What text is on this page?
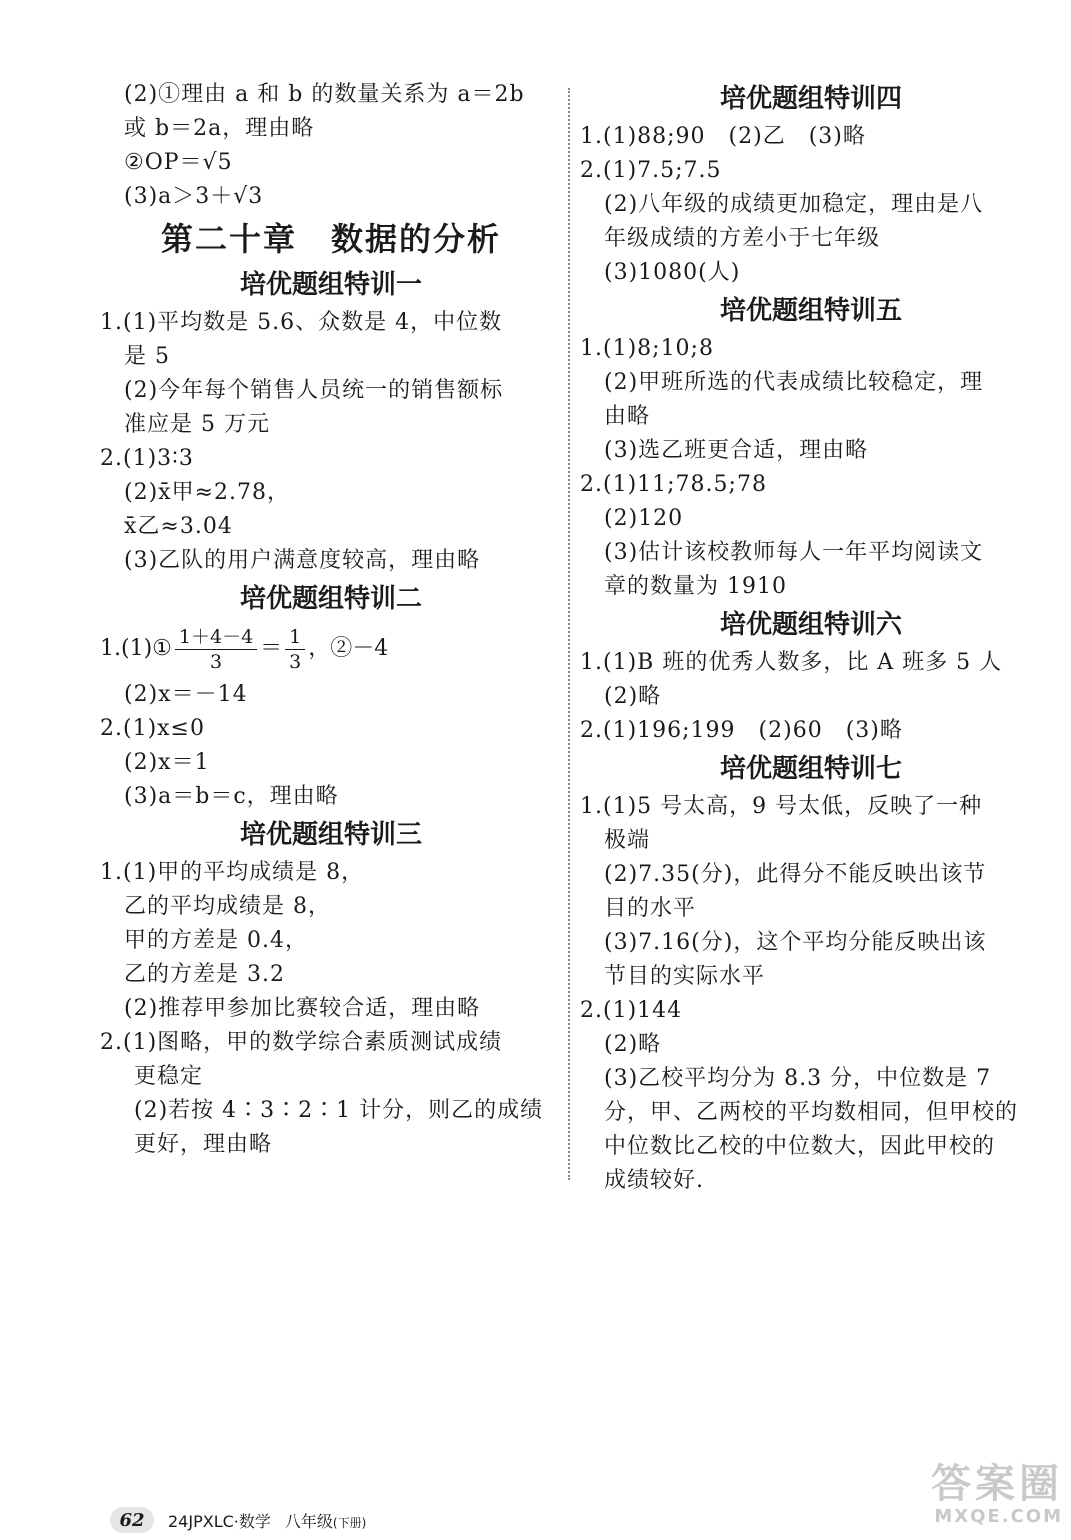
(2)①理由 a 和 b 的数量关系为 a＝2b
或 b＝2a，理由略
②OP＝√5
(3)a＞3＋√3
第二十章　数据的分析
培优题组特训一
1.(1)平均数是 5.6、众数是 4，中位数
是 5
(2)今年每个销售人员统一的销售额标
准应是 5 万元
2.(1)3∶3
(2)x̄甲≈2.78，
x̄乙≈3.04
(3)乙队的用户满意度较高，理由略
培优题组特训二
1.(1)① $\frac{1+4-4}{3} = \frac{1}{3}$ ，②－4
(2)x＝－14
2.(1)x≤0
(2)x＝1
(3)a＝b＝c，理由略
培优题组特训三
1.(1)甲的平均成绩是 8，
乙的平均成绩是 8，
甲的方差是 0.4，
乙的方差是 3.2
(2)推荐甲参加比赛较合适，理由略
2.(1)图略，甲的数学综合素质测试成绩
更稳定
(2)若按 4∶3∶2∶1 计分，则乙的成绩
更好，理由略
培优题组特训四
1.(1)88;90　(2)乙　(3)略
2.(1)7.5;7.5
(2)八年级的成绩更加稳定，理由是八
年级成绩的方差小于七年级
(3)1080(人)
培优题组特训五
1.(1)8;10;8
(2)甲班所选的代表成绩比较稳定，理
由略
(3)选乙班更合适，理由略
2.(1)11;78.5;78
(2)120
(3)估计该校教师每人一年平均阅读文
章的数量为 1910
培优题组特训六
1.(1)B 班的优秀人数多，比 A 班多 5 人
(2)略
2.(1)196;199　(2)60　(3)略
培优题组特训七
1.(1)5 号太高，9 号太低，反映了一种
极端
(2)7.35(分)，此得分不能反映出该节
目的水平
(3)7.16(分)，这个平均分能反映出该
节目的实际水平
2.(1)144
(2)略
(3)乙校平均分为 8.3 分，中位数是 7
分，甲、乙两校的平均数相同，但甲校的
中位数比乙校的中位数大，因此甲校的
成绩较好.
62	24JPXLC·数学 八年级(下册)
答案圈
MXQE.COM
